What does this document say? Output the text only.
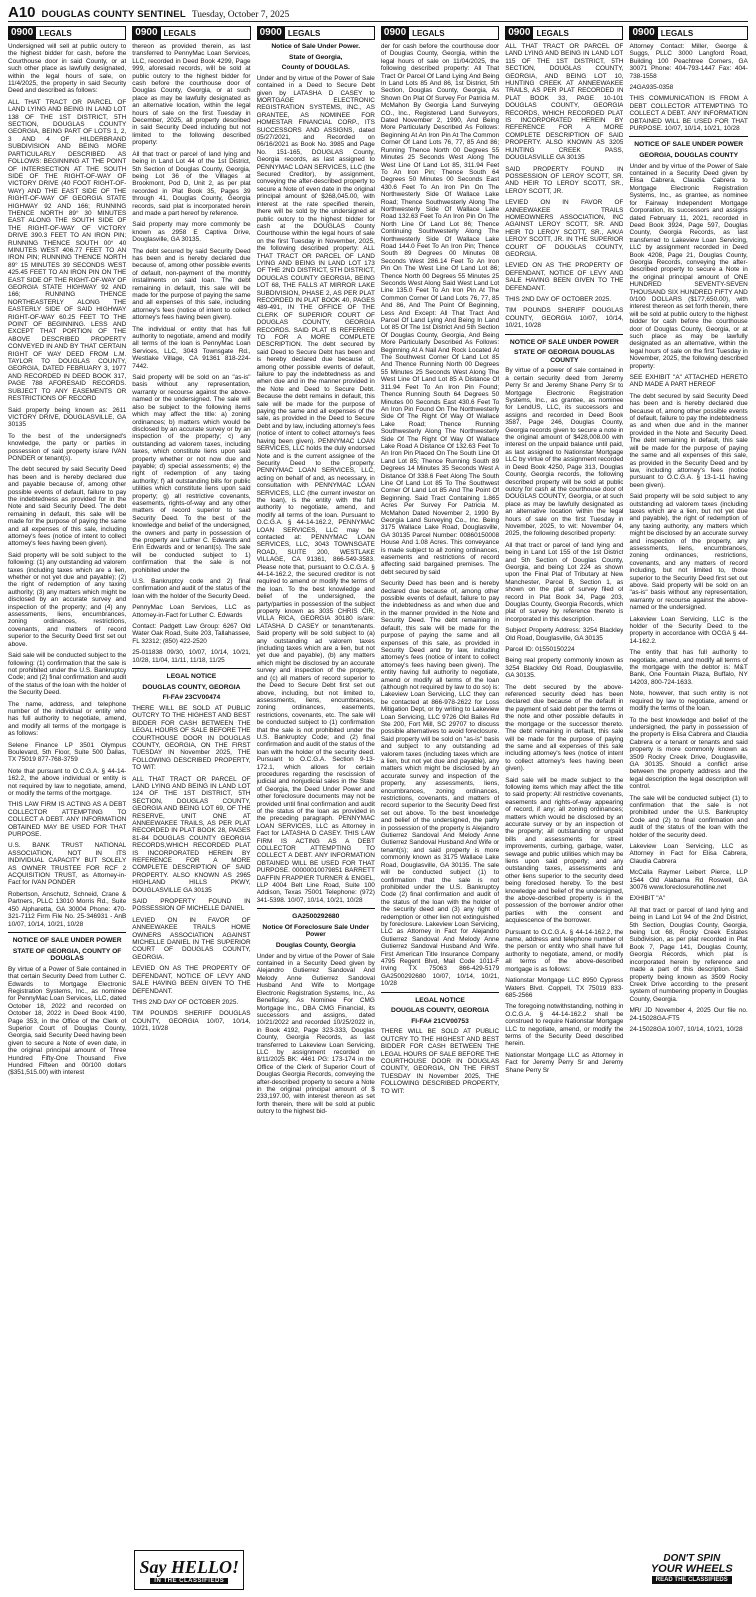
A10 DOUGLAS COUNTY SENTINEL Tuesday, October 7, 2025
0900 LEGALS

Undersigned will sell at public outcry to the highest bidder for cash, before the Courthouse door in said County, or at such other place as lawfully designated, within the legal hours of sale, on 11/4/2025, the property in said Security Deed and described as follows:

ALL THAT TRACT OR PARCEL OF LAND LYING AND BEING IN LAND LOT 138 OF THE 1ST DISTRICT, 5TH SECTION, DOUGLAS COUNTY GEORGIA, BEING PART OF LOTS 1, 2, 3 AND 4 OF HILDERBRAND SUBDIVISION AND BEING MORE PARTICULARLY DESCRIBED AS FOLLOWS: BEGINNING AT THE POINT OF INTERSECTION AT THE SOUTH SIDE OF THE RIGHT-OF-WAY OF VICTORY DRIVE (40 FOOT RIGHT-OF-WAY) AND THE EAST SIDE OF THE RIGHT-OF-WAY OF GEORGIA STATE HIGHWAY 92 AND 166; RUNNING THENCE NORTH 89° 30 MINUTES EAST ALONG THE SOUTH SIDE OF THE RIGHT-OF-WAY OF VICTORY DRIVE 390.3 FEET TO AN IRON PIN; RUNNING THENCE SOUTH 00° 40 MINUTES WEST 406.77 FEET TO AN IRON PIN; RUNNING THENCE NORTH 89° 15 MINUTES 39 SECONDS WEST 425.45 FEET TO AN IRON PIN ON THE EAST SIDE OF THE RIGHT-OF-WAY OF GEORGIA STATE HIGHWAY 92 AND 166; RUNNING THENCE NORTHEASTERLY ALONG THE EASTERLY SIDE OF SAID HIGHWAY RIGHT-OF-WAY 60.25 FEET TO THE POINT OF BEGINNING. LESS AND EXCEPT THAT PORTION OF THE ABOVE DESCRIBED PROPERTY CONVEYED IN AND BY THAT CERTAIN RIGHT OF WAY DEED FROM L.M. TAYLOR TO DOUGLAS COUNTY, GEORGIA, DATED FEBRUARY 3, 1977 AND RECORDED IN DEED BOOK 317, PAGE 788 AFORESAID RECORDS. SUBJECT TO ANY EASEMENTS OR RESTRICTIONS OF RECORD

Said property being known as: 2611 VICTORY DRIVE, DOUGLASVILLE, GA 30135

To the best of the undersigned's knowledge, the party or parties in possession of said property is/are IVAN PONDER or tenant(s).

The debt secured by said Security Deed has been and is hereby declared due and payable because of, among other possible events of default, failure to pay the indebtedness as provided for in the Note and said Security Deed. The debt remaining in default, this sale will be made for the purpose of paying the same and all expenses of this sale, including attorney's fees (notice of intent to collect attorney's fees having been given).

Said property will be sold subject to the following: (1) any outstanding ad valorem taxes (including taxes which are a lien, whether or not yet due and payable); (2) the right of redemption of any taxing authority; (3) any matters which might be disclosed by an accurate survey and inspection of the property; and (4) any assessments, liens, encumbrances, zoning ordinances, restrictions, covenants, and matters of record superior to the Security Deed first set out above.

Said sale will be conducted subject to the following: (1) confirmation that the sale is not prohibited under the U.S. Bankruptcy Code; and (2) final confirmation and audit of the status of the loan with the holder of the Security Deed.

The name, address, and telephone number of the individual or entity who has full authority to negotiate, amend, and modify all terms of the mortgage is as follows:

Selene Finance LP 3501 Olympus Boulevard, 5th Floor, Suite 500 Dallas, TX 75019 877-768-3759

Note that pursuant to O.C.G.A. § 44-14-162.2, the above individual or entity is not required by law to negotiate, amend, or modify the terms of the mortgage.

THIS LAW FIRM IS ACTING AS A DEBT COLLECTOR ATTEMPTING TO COLLECT A DEBT. ANY INFORMATION OBTAINED MAY BE USED FOR THAT PURPOSE.

U.S. BANK TRUST NATIONAL ASSOCIATION, NOT IN ITS INDIVIDUAL CAPACITY BUT SOLELY AS OWNER TRUSTEE FOR RCF 2 ACQUISITION TRUST, as Attorney-in-Fact for IVAN PONDER

Robertson, Anschutz, Schneid, Crane & Partners, PLLC 13010 Morris Rd., Suite 450 Alpharetta, GA 30004 Phone: 470-321-7112 Firm File No. 25-346931 - AnB 10/07, 10/14, 10/21, 10/28

NOTICE OF SALE UNDER POWER
STATE OF GEORGIA, COUNTY OF DOUGLAS

By virtue of a Power of Sale contained in that certain Security Deed from Luther C. Edwards to Mortgage Electronic Registration Systems, Inc., as nominee for PennyMac Loan Services, LLC, dated October 18, 2022 and recorded on October 18, 2022 in Deed Book 4190, Page 353, in the Office of the Clerk of Superior Court of Douglas County, Georgia, said Security Deed having been given to secure a Note of even date, in the original principal amount of Three Hundred Fifty-One Thousand Five Hundred Fifteen and 00/100 dollars ($351,515.00) with interest

0900 LEGALS

thereon as provided therein, as last transferred to PennyMac Loan Services, LLC, recorded in Deed Book 4299, Page 999, aforesaid records, will be sold at public outcry to the highest bidder for cash before the courthouse door of Douglas County, Georgia, or at such place as may be lawfully designated as an alternative location, within the legal hours of sale on the first Tuesday in December, 2025, all property described in said Security Deed including but not limited to the following described property:

All that tract or parcel of land lying and being in Land Lot 44 of the 1st District, 5th Section of Douglas County, Georgia, being Lot 36 of the Villages at Brookmont, Pod D, Unit 2, as per plat recorded in Plat Book 35, Pages 39 through 41, Douglas County, Georgia records, said plat is incorporated herein and made a part hereof by reference.

Said property may more commonly be known as 2958 E Captiva Drive, Douglasville, GA 30135.

The debt secured by said Security Deed has been and is hereby declared due because of, among other possible events of default, non-payment of the monthly installments on said loan. The debt remaining in default, this sale will be made for the purpose of paying the same and all expenses of this sale, including attorney's fees (notice of intent to collect attorney's fees having been given).

The individual or entity that has full authority to negotiate, amend and modify all terms of the loan is PennyMac Loan Services, LLC, 3043 Townsgate Rd., Westlake Village, CA 91361 818-224-7442.

Said property will be sold on an "as-is" basis without any representation, warranty or recourse against the above-named or the undersigned. The sale will also be subject to the following items which may affect the title: a) zoning ordinances; b) matters which would be disclosed by an accurate survey or by an inspection of the property; c) any outstanding ad valorem taxes, including taxes, which constitute liens upon said property whether or not now due and payable; d) special assessments; e) the right of redemption of any taxing authority; f) all outstanding bills for public utilities which constitute liens upon said property; g) all restrictive covenants, easements, rights-of-way and any other matters of record superior to said Security Deed. To the best of the knowledge and belief of the undersigned, the owners and party in possession of the property are Luther C. Edwards and Erin Edwards and or tenant(s). The sale will be conducted subject to 1) confirmation that the sale is not prohibited under the

U.S. Bankruptcy code and 2) final confirmation and audit of the status of the loan with the holder of the Security Deed.

PennyMac Loan Services, LLC as Attorney-in-Fact for Luther C. Edwards

Contact: Padgett Law Group: 6267 Old Water Oak Road, Suite 203, Tallahassee, FL 32312; (850) 422-2520

25-011838 09/30, 10/07, 10/14, 10/21, 10/28, 11/04, 11/11, 11/18, 11/25

LEGAL NOTICE
DOUGLAS COUNTY, GEORGIA
FI-FA# 23CV00474

THERE WILL BE SOLD AT PUBLIC OUTCRY TO THE HIGHEST AND BEST BIDDER FOR CASH BETWEEN THE LEGAL HOURS OF SALE BEFORE THE COURTHOUSE DOOR IN DOUGLAS COUNTY, GEORGIA, ON THE FIRST TUESDAY IN November 2025, THE FOLLOWING DESCRIBED PROPERTY, TO WIT:

ALL THAT TRACT OR PARCEL OF LAND LYING AND BEING IN LAND LOT 124 OF THE 1ST DISTRICT, 5TH SECTION, DOUGLAS COUNTY, GEORGIA AND BEING LOT 69, OF THE RESERVE, UNIT ONE AT ANNEEWAKEE TRAILS, AS PER PLAT RECORDED IN PLAT BOOK 28, PAGES 81-84 DOUGLAS COUNTY GEORGIA RECORDS,WHICH RECORDED PLAT IS INCORPORATED HEREIN BY REFERENCE FOR A MORE COMPLETE DESCRIPTION OF SAID PROPERTY. ALSO KNOWN AS 2965 HIGHLAND HILLS PKWY, DOUGLASVILLE GA 30135

SAID PROPERTY FOUND IN POSSESSION OF MICHELLE DANIEL

LEVIED ON IN FAVOR OF ANNEEWAKEE TRAILS HOME OWNERS ASSOCIATION AGAINST MICHELLE DANIEL IN THE SUPERIOR COURT OF DOUGLAS COUNTY, GEORGIA.

LEVIED ON AS THE PROPERTY OF DEFENDANT, NOTICE OF LEVY AND SALE HAVING BEEN GIVEN TO THE DEFENDANT.

THIS 2ND DAY OF OCTOBER 2025.

TIM POUNDS SHERIFF DOUGLAS COUNTY, GEORGIA 10/07, 10/14, 10/21, 10/28

Say HELLO!
IN THE CLASSIFIEDS
0900 LEGALS
Notice of Sale Under Power.
State of Georgia,
County of DOUGLAS.

Under and by virtue of the Power of Sale contained in a Deed to Secure Debt given by LATASHA D CASEY to MORTGAGE ELECTRONIC REGISTRATION SYSTEMS, INC., AS GRANTEE, AS NOMINEE FOR HOMESTAR FINANCIAL CORP., ITS SUCCESSORS AND ASSIGNS, dated 05/27/2021, and Recorded on 06/16/2021 as Book No. 3985 and Page No. 151-165, DOUGLAS County, Georgia records, as last assigned to PENNYMAC LOAN SERVICES, LLC (the Secured Creditor), by assignment, conveying the after-described property to secure a Note of even date in the original principal amount of $268,045.00, with interest at the rate specified therein, there will be sold by the undersigned at public outcry to the highest bidder for cash at the DOUGLAS County Courthouse within the legal hours of sale on the first Tuesday in November, 2025, the following described property: ALL THAT TRACT OR PARCEL OF LAND LYING AND BEING IN LAND LOT 173 OF THE 2ND DISTRICT, 5TH DISTRICT, DOUGLAS COUNTY GEORGIA, BEING LOT 68, THE FALLS AT MIRROR LAKE SUBDIVISION, PHASE 2, AS PER PLAT RECORDED IN PLAT BOOK 40, PAGES 489-491, IN THE OFFICE OF THE CLERK OF SUPERIOR COURT OF DOUGLAS COUNTY, GEORGIA RECORDS. SAID PLAT IS REFERRED TO FOR A MORE COMPLETE DESCRIPTION. The debt secured by said Deed to Secure Debt has been and is hereby declared due because of, among other possible events of default, failure to pay the indebtedness as and when due and in the manner provided in the Note and Deed to Secure Debt. Because the debt remains in default, this sale will be made for the purpose of paying the same and all expenses of the sale, as provided in the Deed to Secure Debt and by law, including attorney's fees (notice of intent to collect attorney's fees having been given). PENNYMAC LOAN SERVICES, LLC holds the duly endorsed Note and is the current assignee of the Security Deed to the property. PENNYMAC LOAN SERVICES, LLC, acting on behalf of and, as necessary, in consultation with PENNYMAC LOAN SERVICES, LLC (the current investor on the loan), is the entity with the full authority to negotiate, amend, and modify all terms of the loan. Pursuant to O.C.G.A. § 44-14-162.2, PENNYMAC LOAN SERVICES, LLC may be contacted at: PENNYMAC LOAN SERVICES, LLC, 3043 TOWNSGATE ROAD, SUITE 200, WESTLAKE VILLAGE, CA 91361, 866-549-3583. Please note that, pursuant to O.C.G.A. § 44-14-162.2, the secured creditor is not required to amend or modify the terms of the loan. To the best knowledge and belief of the undersigned, the party/parties in possession of the subject property known as 3035 CHRIS CIR, VILLA RICA, GEORGIA 30180 is/are: LATASHA D CASEY or tenant/tenants. Said property will be sold subject to (a) any outstanding ad valorem taxes (including taxes which are a lien, but not yet due and payable), (b) any matters which might be disclosed by an accurate survey and inspection of the property, and (c) all matters of record superior to the Deed to Secure Debt first set out above, including, but not limited to, assessments, liens, encumbrances, zoning ordinances, easements, restrictions, covenants, etc. The sale will be conducted subject to (1) confirmation that the sale is not prohibited under the U.S. Bankruptcy Code; and (2) final confirmation and audit of the status of the loan with the holder of the security deed. Pursuant to O.C.G.A. Section 9-13-172.1, which allows for certain procedures regarding the rescission of judicial and nonjudicial sales in the State of Georgia, the Deed Under Power and other foreclosure documents may not be provided until final confirmation and audit of the status of the loan as provided in the preceding paragraph. PENNYMAC LOAN SERVICES, LLC as Attorney in Fact for LATASHA D CASEY. THIS LAW FIRM IS ACTING AS A DEBT COLLECTOR ATTEMPTING TO COLLECT A DEBT. ANY INFORMATION OBTAINED WILL BE USED FOR THAT PURPOSE. 00000010079851 BARRETT DAFFIN FRAPPIER TURNER & ENGEL, LLP 4004 Belt Line Road, Suite 100 Addison, Texas 75001 Telephone: (972) 341-5398. 10/07, 10/14, 10/21, 10/28

GA2500292680
Notice Of Foreclosure Sale Under Power
Douglas County, Georgia

Under and by virtue of the Power of Sale contained in a Security Deed given by Alejandro Gutierrez Sandoval And Melody Anne Gutierrez Sandoval Husband And Wife to Mortgage Electronic Registration Systems, Inc., As Beneficiary, As Nominee For CMG Mortgage Inc., DBA CMG Financial, its successors and assigns, dated 10/21/2022 and recorded 10/25/2022 in, in Book 4192, Page 323-333, Douglas County, Georgia Records, as last transferred to Lakeview Loan Servicing, LLC by assignment recorded on 8/11/2025 BK: 4461 PG: 173-174 in the Office of the Clerk of Superior Court of Douglas Georgia Records, conveying the after-described property to secure a Note in the original principal amount of $ 233,197.00, with interest thereon as set forth therein, there will be sold at public outcry to the highest bid-

0900 LEGALS

der for cash before the courthouse door of Douglas County, Georgia, within the legal hours of sale on 11/04/2025, the following described property: All That Tract Or Parcel Of Land Lying And Being In Land Lots 85 And 86, 1st District, 5th Section, Douglas County, Georgia, As Shown On Plat Of Survey For Patricia M. McMahon By Georgia Land Surveying CO., Inc., Registered Land Surveyors, Dated November 2, 1990, And Being More Particularly Described As Follows: Beginning At An Iron Pin At The Common Corner Of Land Lots 76, 77, 85 And 86; Running Thence North 00 Degrees 55 Minutes 25 Seconds West Along The West Line Of Land Lot 85, 311.94 Feet To An Iron Pin; Thence South 64 Degrees 50 Minutes 00 Seconds East 430.6 Feet To An Iron Pin On The Northwesterly Side Of Wallace Lake Road; Thence Southwesterly Along The Northwesterly Side Of Wallace Lake Road 132.63 Feet To An Iron Pin On The North Line Of Land Lot 86; Thence Continuing Southwesterly Along The Northwesterly Side Of Wallace Lake Road 144.0 Feet To An Iron Pin; Thence South 89 Degrees 00 Minutes 08 Seconds West 286.14 Feet To An Iron Pin On The West Line Of Land Lot 86; Thence North 00 Degrees 55 Minutes 25 Seconds West Along Said West Land Lot Line 135.0 Feet To An Iron Pin At The Common Corner Of Land Lots 76, 77, 85 And 86, And The Point Of Beginning, Less And Except: All That Tract And Parcel Of Land Lying And Being In Land Lot 85 Of The 1st District And 5th Section Of Douglas County, Georgia, And Being More Particularly Described As Follows: Beginning At A Nail And Rock Located At The Southwest Corner Of Land Lot 85 And Thence Running North 00 Degrees 55 Minutes 25 Seconds West Along The West Line Of Land Lot 85 A Distance Of 311.94 Feet To An Iron Pin Found; Thence Running South 64 Degrees 50 Minutes 00 Seconds East 430.6 Feet To An Iron Pin Found On The Northwesterly Side Of The Right Of Way Of Wallace Lake Road; Thence Running Southwesterly Along The Northwesterly Side Of The Right Of Way Of Wallace Lake Road A Distance Of 132.63 Feet To An Iron Pin Placed On The South Line Of Land Lot 85; Thence Running South 89 Degrees 14 Minutes 35 Seconds West A Distance Of 338.6 Feet Along The South Line Of Land Lot 85 To The Southwest Corner Of Land Lot 85 And The Point Of Beginning. Said Tract Containing 1.865 Acres Per Survey For Patricia M. McMahon Dated November 2, 1990 By Georgia Land Surveying Co., Inc. Being 3175 Wallace Lake Road, Douglasville, GA 30135 Parcel Number: 00860150008 House And 1.08 Acres. This conveyance is made subject to all zoning ordinances, easements and restrictions of record affecting said bargained premises. The debt secured by said

Security Deed has been and is hereby declared due because of, among other possible events of default, failure to pay the indebtedness as and when due and in the manner provided in the Note and Security Deed. The debt remaining in default, this sale will be made for the purpose of paying the same and all expenses of this sale, as provided in Security Deed and by law, including attorney's fees (notice of intent to collect attorney's fees having been given). The entity having full authority to negotiate, amend or modify all terms of the loan (although not required by law to do so) is: Lakeview Loan Servicing, LLC they can be contacted at 866-978-2622 for Loss Mitigation Dept, or by writing to Lakeview Loan Servicing, LLC 9726 Old Bailes Rd Ste 200, Fort Mill, SC 29707 to discuss possible alternatives to avoid foreclosure. Said property will be sold on "as-is" basis and subject to any outstanding ad valorem taxes (including taxes which are a lien, but not yet due and payable), any matters which might be disclosed by an accurate survey and inspection of the property, any assessments, liens, encumbrances, zoning ordinances, restrictions, covenants, and matters of record superior to the Security Deed first set out above. To the best knowledge and belief of the undersigned, the party in possession of the property is Alejandro Gutierrez Sandoval And Melody Anne Gutierrez Sandoval Husband And Wife or tenant(s); and said property is more commonly known as 3175 Wallace Lake Road, Douglasville, GA 30135. The sale will be conducted subject (1) to confirmation that the sale is not prohibited under the U.S. Bankruptcy Code (2) final confirmation and audit of the status of the loan with the holder of the security deed and (3) any right of redemption or other lien not extinguished by foreclosure. Lakeview Loan Servicing, LLC as Attorney in Fact for Alejandro Gutierrez Sandoval And Melody Anne Gutierrez Sandoval Husband And Wife. First American Title Insurance Company 4795 Regent Blvd, Mail Code 1011-F Irving TX 75063 866-429-5179 GA2500292680 10/07, 10/14, 10/21, 10/28

LEGAL NOTICE
DOUGLAS COUNTY, GEORGIA
FI-FA# 21CV00753

THERE WILL BE SOLD AT PUBLIC OUTCRY TO THE HIGHEST AND BEST BIDDER FOR CASH BETWEEN THE LEGAL HOURS OF SALE BEFORE THE COURTHOUSE DOOR IN DOUGLAS COUNTY, GEORGIA, ON THE FIRST TUESDAY IN November 2025, THE FOLLOWING DESCRIBED PROPERTY, TO WIT:

0900 LEGALS

ALL THAT TRACT OR PARCEL OF LAND LYING AND BEING IN LAND LOT 115 OF THE 1ST DISTRICT, 5TH SECTION, DOUGLAS COUNTY, GEORGIA, AND BEING LOT 10, HUNTING CREEK AT ANNEEWAKEE TRAILS, AS PER PLAT RECORDED IN PLAT BOOK 33, PAGE 10-101 DOUGLAS COUNTY, GEORGIA RECORDS, WHICH RECORDED PLAT IS INCORPORATED HEREIN BY REFERENCE FOR A MORE COMPLETE DESCRIPTION OF SAID PROPERTY. ALSO KNOWN AS 3205 HUNTING CREEK PASS, DOUGLASVILLE GA 30135

SAID PROPERTY FOUND IN POSSESSION OF LEROY SCOTT, SR. AND HEIR TO LEROY SCOTT, SR., LEROY SCOTT, JR.

LEVIED ON IN FAVOR OF ANNEEWAKEE TRAILS HOMEOWNERS ASSOCIATION, INC AGAINST LEROY SCOTT, SR. AND HEIR TO LEROY SCOTT, SR., A/K/A LEROY SCOTT, JR. IN THE SUPERIOR COURT OF DOUGLAS COUNTY, GEORGIA.

LEVIED ON AS THE PROPERTY OF DEFENDANT, NOTICE OF LEVY AND SALE HAVING BEEN GIVEN TO THE DEFENDANT.

THIS 2ND DAY OF OCTOBER 2025.

TIM POUNDS SHERIFF DOUGLAS COUNTY, GEORGIA 10/07, 10/14, 10/21, 10/28

NOTICE OF SALE UNDER POWER
STATE OF GEORGIA DOUGLAS COUNTY

By virtue of a power of sale contained in a certain security deed from Jeremy Perry Sr and Jeremy Shane Perry Sr to Mortgage Electronic Registration Systems, Inc., as grantee, as nominee for LendUS, LLC, its successors and assigns and recorded in Deed Book 3587, Page 246, Douglas County, Georgia records given to secure a note in the original amount of $428,008.00 with interest on the unpaid balance until paid, as last assigned to Nationstar Mortgage LLC by virtue of the assignment recorded in Deed Book 4250, Page 313, Douglas County, Georgia records, the following described property will be sold at public outcry for cash at the courthouse door of DOUGLAS COUNTY, Georgia, or at such place as may be lawfully designated as an alternative location within the legal hours of sale on the first Tuesday in November, 2025, to wit: November 04, 2025, the following described property:

All that tract or parcel of land lying and being in Land Lot 155 of the 1st District and 5th Section of Douglas County, Georgia, and being Lot 224 as shown upon the Final Plat of Tributary at New Manchester, Parcel B, Section 1, as shown on the plat of survey filed of record in Plat Book 34, Page 203, Douglas County, Georgia Records, which plat of survey by reference thereto is incorporated in this description.

Subject Property Address: 3254 Blackley Old Road, Douglasville, GA 30135

Parcel ID: 01550150224

Being real property commonly known as 3254 Blackley Old Road, Douglasville, GA 30135.

The debt secured by the above-referenced security deed has been declared due because of the default in the payment of said debt per the terms of the note and other possible defaults in the mortgage or the successor thereto. The debt remaining in default, this sale will be made for the purpose of paying the same and all expenses of this sale including attorney's fees (notice of intent to collect attorney's fees having been given).

Said sale will be made subject to the following items which may affect the title to said property: All restrictive covenants, easements and rights-of-way appearing of record, if any; all zoning ordinances; matters which would be disclosed by an accurate survey or by an inspection of the property; all outstanding or unpaid bills and assessments for street improvements, curbing, garbage, water, sewage and public utilities which may be liens upon said property; and any outstanding taxes, assessments and other liens superior to the security deed being foreclosed hereby. To the best knowledge and belief of the undersigned, the above-described property is in the possession of the borrower and/or other parties with the consent and acquiescence of the borrower.

Pursuant to O.C.G.A. § 44-14-162.2, the name, address and telephone number of the person or entity who shall have full authority to negotiate, amend, or modify all terms of the above-described mortgage is as follows:

Nationstar Mortgage LLC 8950 Cypress Waters Blvd. Coppell, TX 75019 833-685-2566

The foregoing notwithstanding, nothing in O.C.G.A. § 44-14-162.2 shall be construed to require Nationstar Mortgage LLC to negotiate, amend, or modify the terms of the Security Deed described herein.

Nationstar Mortgage LLC as Attorney in Fact for Jeremy Perry Sr and Jeremy Shane Perry Sr

0900 LEGALS

Attorney Contact: Miller, George & Suggs, PLLC 3000 Langford Road, Building 100 Peachtree Corners, GA 30071 Phone: 404-793-1447 Fax: 404-738-1558

24GA935-0358

THIS COMMUNICATION IS FROM A DEBT COLLECTOR ATTEMPTING TO COLLECT A DEBT. ANY INFORMATION OBTAINED WILL BE USED FOR THAT PURPOSE. 10/07, 10/14, 10/21, 10/28

NOTICE OF SALE UNDER POWER
GEORGIA, DOUGLAS COUNTY

Under and by virtue of the Power of Sale contained in a Security Deed given by Elisa Cabrera, Claudia Cabrera to Mortgage Electronic Registration Systems, Inc., as grantee, as nominee for Fairway Independent Mortgage Corporation, its successors and assigns dated February 11, 2021, recorded in Deed Book 3924, Page 597, Douglas County, Georgia Records, as last transferred to Lakeview Loan Servicing, LLC by assignment recorded in Deed Book 4208, Page 21, Douglas County, Georgia Records, conveying the after-described property to secure a Note in the original principal amount of ONE HUNDRED SEVENTY-SEVEN THOUSAND SIX HUNDRED FIFTY AND 0/100 DOLLARS ($177,650.00), with interest thereon as set forth therein, there will be sold at public outcry to the highest bidder for cash before the courthouse door of Douglas County, Georgia, or at such place as may be lawfully designated as an alternative, within the legal hours of sale on the first Tuesday in November, 2025, the following described property:

SEE EXHIBIT "A" ATTACHED HERETO AND MADE A PART HEREOF

The debt secured by said Security Deed has been and is hereby declared due because of, among other possible events of default, failure to pay the indebtedness as and when due and in the manner provided in the Note and Security Deed. The debt remaining in default, this sale will be made for the purpose of paying the same and all expenses of this sale, as provided in the Security Deed and by law, including attorney's fees (notice pursuant to O.C.G.A. § 13-1-11 having been given).

Said property will be sold subject to any outstanding ad valorem taxes (including taxes which are a lien, but not yet due and payable), the right of redemption of any taxing authority, any matters which might be disclosed by an accurate survey and inspection of the property, any assessments, liens, encumbrances, zoning ordinances, restrictions, covenants, and any matters of record including, but not limited to, those superior to the Security Deed first set out above. Said property will be sold on an "as-is" basis without any representation, warranty or recourse against the above-named or the undersigned.

Lakeview Loan Servicing, LLC is the holder of the Security Deed to the property in accordance with OCGA § 44-14-162.2.

The entity that has full authority to negotiate, amend, and modify all terms of the mortgage with the debtor is: M&T Bank, One Fountain Plaza, Buffalo, NY 14203, 800-724-1633.

Note, however, that such entity is not required by law to negotiate, amend or modify the terms of the loan.

To the best knowledge and belief of the undersigned, the party in possession of the property is Elisa Cabrera and Claudia Cabrera or a tenant or tenants and said property is more commonly known as 3509 Rocky Creek Drive, Douglasville, GA 30135. Should a conflict arise between the property address and the legal description the legal description will control.

The sale will be conducted subject (1) to confirmation that the sale is not prohibited under the U.S. Bankruptcy Code and (2) to final confirmation and audit of the status of the loan with the holder of the security deed.

Lakeview Loan Servicing, LLC as Attorney in Fact for Elisa Cabrera, Claudia Cabrera

McCalla Raymer Leibert Pierce, LLP 1544 Old Alabama Rd Roswell, GA 30076 www.foreclosurehotline.net

EXHIBIT "A"

All that tract or parcel of land lying and being in Land Lot 94 of the 2nd District, 5th Section, Douglas County, Georgia, being Lot 68, Rocky Creek Estates Subdivision, as per plat recorded in Plat Book 7, Page 141, Douglas County, Georgia Records, which plat is incorporated herein by reference and made a part of this description. Said property being known as 3509 Rocky Creek Drive according to the present system of numbering property in Douglas County, Georgia.

MR/ JD November 4, 2025 Our file no. 24-15028GA-FT5

24-15028GA 10/07, 10/14, 10/21, 10/28

DON'T SPIN
YOUR WHEELS
READ THE CLASSIFIEDS
